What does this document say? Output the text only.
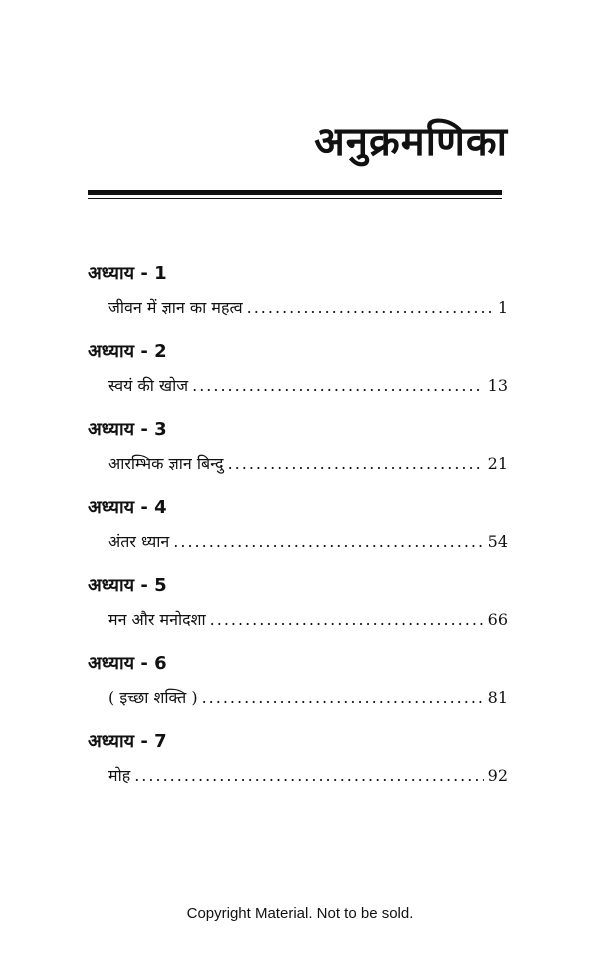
अनुक्रमणिका
अध्याय - 1
जीवन में ज्ञान का महत्व .....	1
अध्याय - 2
स्वयं की खोज .....	13
अध्याय - 3
आरम्भिक ज्ञान बिन्दु .....	21
अध्याय - 4
अंतर ध्यान .....	54
अध्याय - 5
मन और मनोदशा .....	66
अध्याय - 6
( इच्छा शक्ति ) .....	81
अध्याय - 7
मोह .....	92
Copyright Material. Not to be sold.
